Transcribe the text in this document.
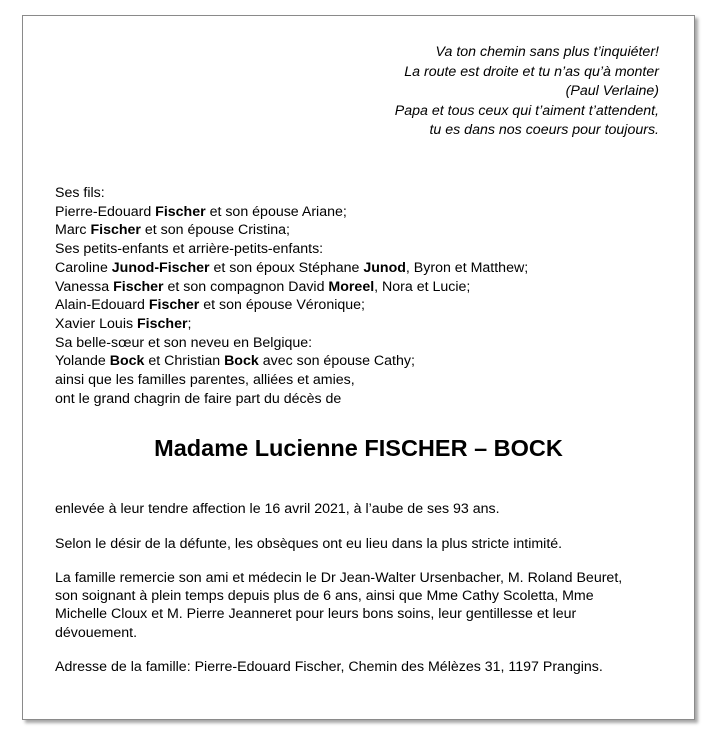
Va ton chemin sans plus t’inquiéter!
La route est droite et tu n’as qu’à monter
(Paul Verlaine)
Papa et tous ceux qui t’aiment t’attendent,
tu es dans nos coeurs pour toujours.
Ses fils:
Pierre-Edouard Fischer et son épouse Ariane;
Marc Fischer et son épouse Cristina;
Ses petits-enfants et arrière-petits-enfants:
Caroline Junod-Fischer et son époux Stéphane Junod, Byron et Matthew;
Vanessa Fischer et son compagnon David Moreel, Nora et Lucie;
Alain-Edouard Fischer et son épouse Véronique;
Xavier Louis Fischer;
Sa belle-sœur et son neveu en Belgique:
Yolande Bock et Christian Bock avec son épouse Cathy;
ainsi que les familles parentes, alliées et amies,
ont le grand chagrin de faire part du décès de
Madame Lucienne FISCHER – BOCK
enlevée à leur tendre affection le 16 avril 2021, à l’aube de ses 93 ans.
Selon le désir de la défunte, les obsèques ont eu lieu dans la plus stricte intimité.
La famille remercie son ami et médecin le Dr Jean-Walter Ursenbacher, M. Roland Beuret, son soignant à plein temps depuis plus de 6 ans, ainsi que Mme Cathy Scoletta, Mme Michelle Cloux et M. Pierre Jeanneret pour leurs bons soins, leur gentillesse et leur dévouement.
Adresse de la famille: Pierre-Edouard Fischer, Chemin des Mélèzes 31, 1197 Prangins.
